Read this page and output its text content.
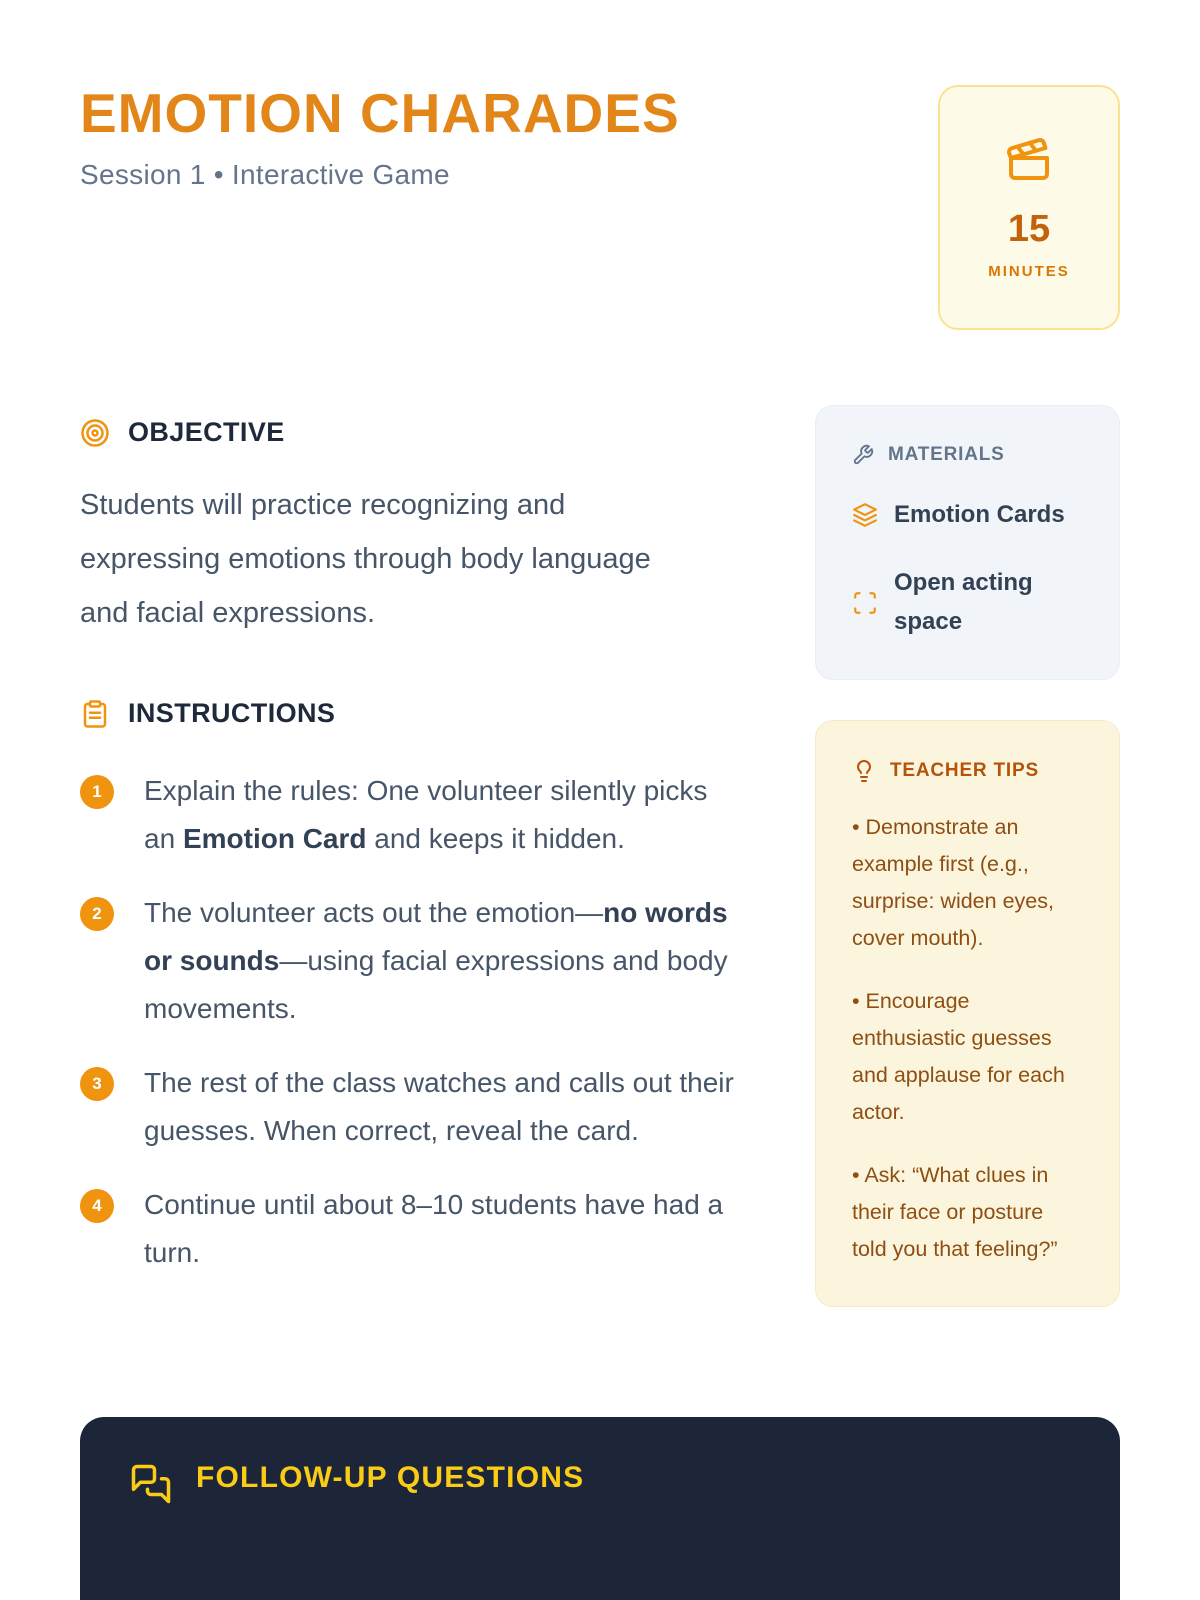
EMOTION CHARADES

Session 1 • Interactive Game

15
MINUTES
OBJECTIVE

Students will practice recognizing and expressing emotions through body language and facial expressions.

INSTRUCTIONS
1	Explain the rules: One volunteer silently picks an Emotion Card and keeps it hidden.

2	The volunteer acts out the emotion—no words or sounds—using facial expressions and body movements.

3	The rest of the class watches and calls out their guesses. When correct, reveal the card.

4	Continue until about 8–10 students have had a turn.

MATERIALS
Emotion Cards
Open acting space
TEACHER TIPS

• Demonstrate an example first (e.g., surprise: widen eyes, cover mouth).

• Encourage enthusiastic guesses and applause for each actor.

• Ask: “What clues in their face or posture told you that feeling?”

FOLLOW-UP QUESTIONS
